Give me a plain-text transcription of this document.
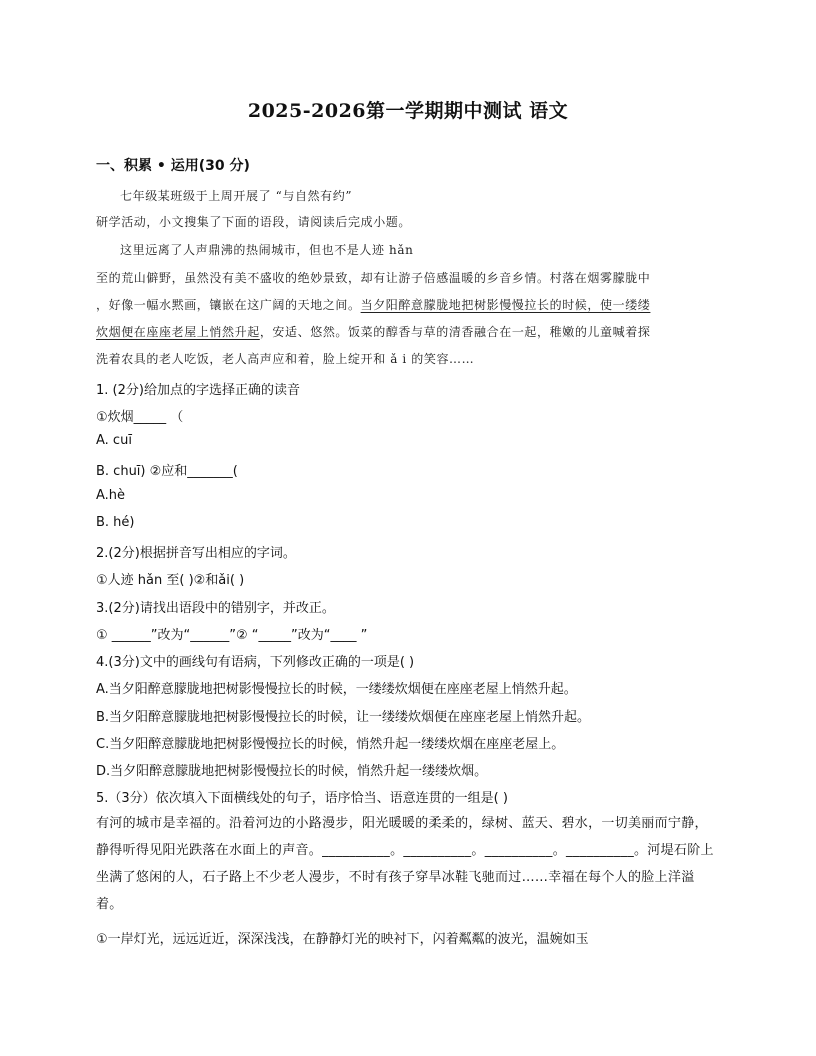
2025-2026第一学期期中测试 语文
一、积累 • 运用(30 分)
研学活动，小文搜集了下面的语段，请阅读后完成小题。
七年级某班级于上周开展了 “与自然有约”
这里远离了人声鼎沸的热闹城市，但也不是人迹 hǎn
至的荒山僻野，虽然没有美不盛收的绝妙景致，却有让游子倍感温暖的乡音乡情。村落在烟雾朦胧中
，好像一幅水黙画，镶嵌在这广阔的天地之间。当夕阳醉意朦胧地把树影慢慢拉长的时候，使一缕缕
炊烟便在座座老屋上悄然升起，安适、悠然。饭菜的醇香与草的清香融合在一起，稚嫩的儿童喊着探
洗着农具的老人吃饭，老人高声应和着，脸上绽开和 ǎ i 的笑容……
1. (2分)给加点的字选择正确的读音
①炊烟_____ （
A. cuī
B. chuī) ②应和_______(
A.hè
B. hé)
2.(2分)根据拼音写出相应的字词。
①人迹 hǎn 至( )②和ǎi( )
3.(2分)请找出语段中的错别字，并改正。
① ______”改为“______”② “_____”改为“____ ”
4.(3分)文中的画线句有语病，下列修改正确的一项是( )
A.当夕阳醉意朦胧地把树影慢慢拉长的时候，一缕缕炊烟便在座座老屋上悄然升起。
B.当夕阳醉意朦胧地把树影慢慢拉长的时候，让一缕缕炊烟便在座座老屋上悄然升起。
C.当夕阳醉意朦胧地把树影慢慢拉长的时候，悄然升起一缕缕炊烟在座座老屋上。
D.当夕阳醉意朦胧地把树影慢慢拉长的时候，悄然升起一缕缕炊烟。
5.（3分）依次填入下面横线处的句子，语序恰当、语意连贯的一组是( )
有河的城市是幸福的。沿着河边的小路漫步，阳光暖暖的柔柔的，绿树、蓝天、碧水，一切美丽而宁静，静得听得见阳光跌落在水面上的声音。__________。__________。__________。__________。河堤石阶上坐满了悠闲的人，石子路上不少老人漫步，不时有孩子穿旱冰鞋飞驰而过……幸福在每个人的脸上洋溢着。
①一岸灯光，远远近近，深深浅浅，在静静灯光的映衬下，闪着粼粼的波光，温婉如玉
